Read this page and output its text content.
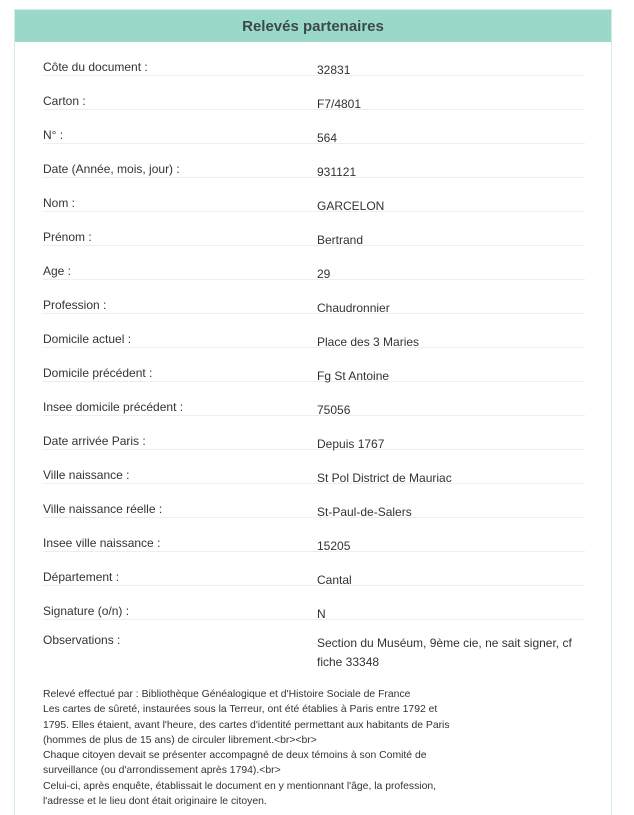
Relevés partenaires
Côte du document :	32831
Carton :	F7/4801
N° :	564
Date (Année, mois, jour) :	931121
Nom :	GARCELON
Prénom :	Bertrand
Age :	29
Profession :	Chaudronnier
Domicile actuel :	Place des 3 Maries
Domicile précédent :	Fg St Antoine
Insee domicile précédent :	75056
Date arrivée Paris :	Depuis 1767
Ville naissance :	St Pol District de Mauriac
Ville naissance réelle :	St-Paul-de-Salers
Insee ville naissance :	15205
Département :	Cantal
Signature (o/n) :	N
Observations :	Section du Muséum, 9ème cie, ne sait signer, cf fiche 33348
Relevé effectué par : Bibliothèque Généalogique et d'Histoire Sociale de France
Les cartes de sûreté, instaurées sous la Terreur, ont été établies à Paris entre 1792 et
1795. Elles étaient, avant l'heure, des cartes d'identité permettant aux habitants de Paris
(hommes de plus de 15 ans) de circuler librement.<br><br>
Chaque citoyen devait se présenter accompagné de deux témoins à son Comité de
surveillance (ou d'arrondissement après 1794).<br>
Celui-ci, après enquête, établissait le document en y mentionnant l'âge, la profession,
l'adresse et le lieu dont était originaire le citoyen.
